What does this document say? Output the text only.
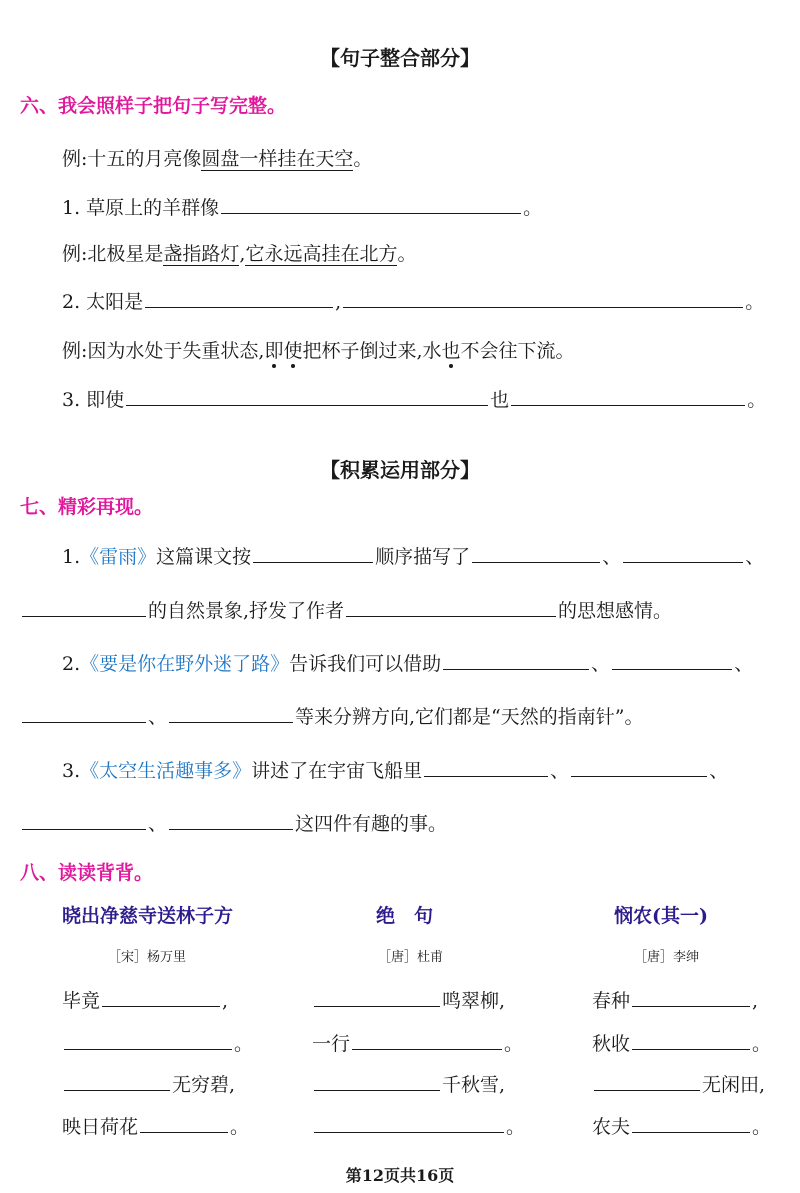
【句子整合部分】
六、我会照样子把句子写完整。
例:十五的月亮像圆盘一样挂在天空。
1. 草原上的羊群像	。
例:北极星是盏指路灯,它永远高挂在北方。
2. 太阳是	,	。
例:因为水处于失重状态,即使把杯子倒过来,水也不会往下流。
3. 即使	也	。
【积累运用部分】
七、精彩再现。
1.《雷雨》这篇课文按	顺序描写了	、	、
的自然景象,抒发了作者	的思想感情。
2.《要是你在野外迷了路》告诉我们可以借助	、	、
、	等来分辨方向,它们都是“天然的指南针”。
3.《太空生活趣事多》讲述了在宇宙飞船里	、	、
、	这四件有趣的事。
八、读读背背。
晓出净慈寺送林子方
［宋］杨万里
毕竟	,
。
无穷碧,
映日荷花	。
绝　句
［唐］杜甫
鸣翠柳,
一行	。
千秋雪,
。
悯农(其一)
［唐］李绅
春种	,
秋收	。
无闲田,
农夫	。
第12页共16页
